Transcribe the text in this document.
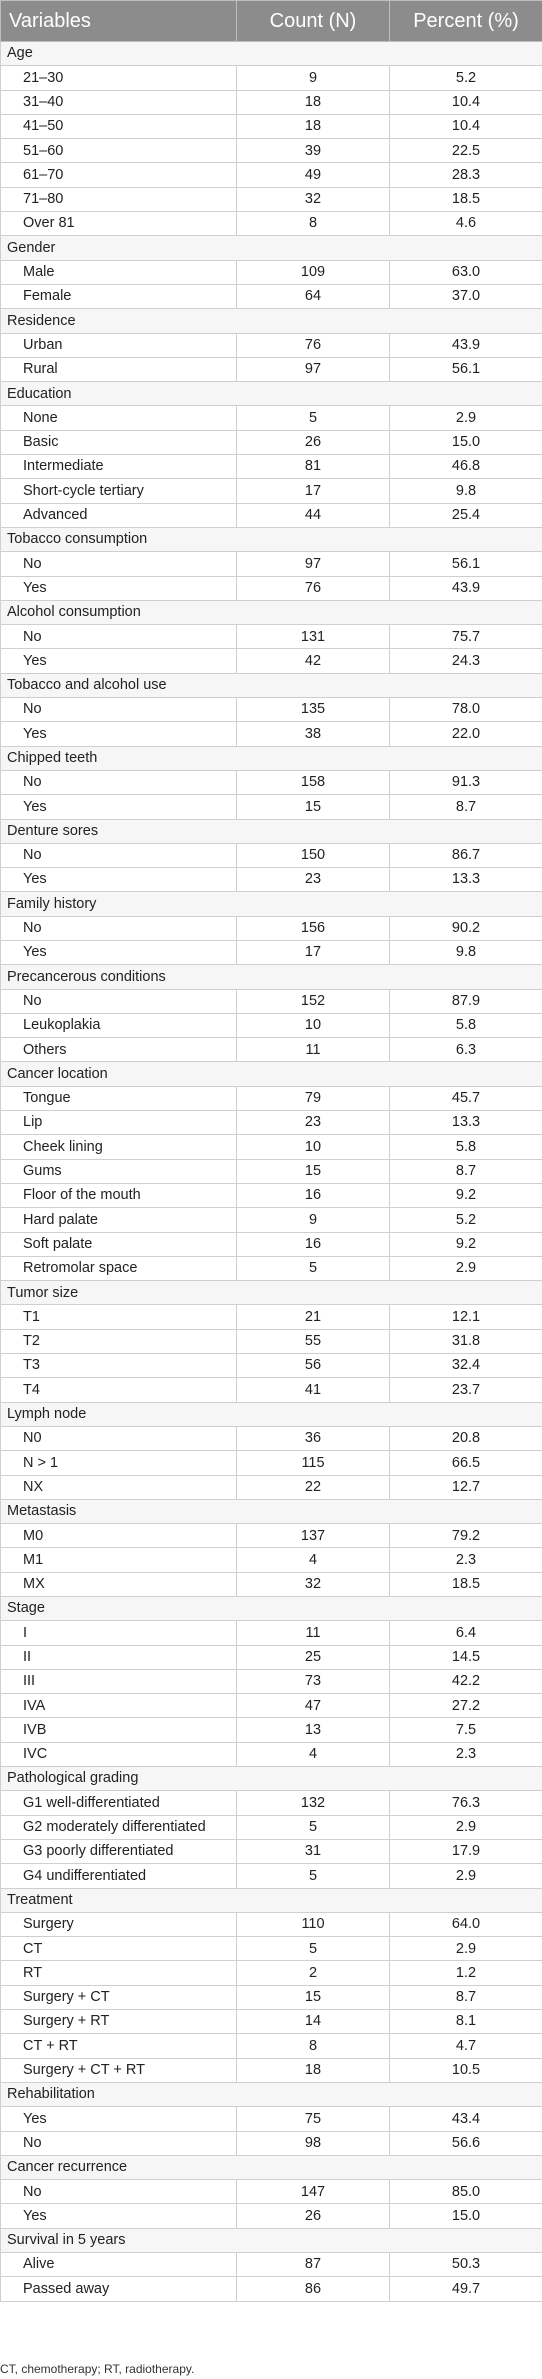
Variables	Count (N)	Percent (%)
Age		
21–30	9	5.2
31–40	18	10.4
41–50	18	10.4
51–60	39	22.5
61–70	49	28.3
71–80	32	18.5
Over 81	8	4.6
Gender		
Male	109	63.0
Female	64	37.0
Residence		
Urban	76	43.9
Rural	97	56.1
Education		
None	5	2.9
Basic	26	15.0
Intermediate	81	46.8
Short-cycle tertiary	17	9.8
Advanced	44	25.4
Tobacco consumption		
No	97	56.1
Yes	76	43.9
Alcohol consumption		
No	131	75.7
Yes	42	24.3
Tobacco and alcohol use		
No	135	78.0
Yes	38	22.0
Chipped teeth		
No	158	91.3
Yes	15	8.7
Denture sores		
No	150	86.7
Yes	23	13.3
Family history		
No	156	90.2
Yes	17	9.8
Precancerous conditions		
No	152	87.9
Leukoplakia	10	5.8
Others	11	6.3
Cancer location		
Tongue	79	45.7
Lip	23	13.3
Cheek lining	10	5.8
Gums	15	8.7
Floor of the mouth	16	9.2
Hard palate	9	5.2
Soft palate	16	9.2
Retromolar space	5	2.9
Tumor size		
T1	21	12.1
T2	55	31.8
T3	56	32.4
T4	41	23.7
Lymph node		
N0	36	20.8
N > 1	115	66.5
NX	22	12.7
Metastasis		
M0	137	79.2
M1	4	2.3
MX	32	18.5
Stage		
I	11	6.4
II	25	14.5
III	73	42.2
IVA	47	27.2
IVB	13	7.5
IVC	4	2.3
Pathological grading		
G1 well-differentiated	132	76.3
G2 moderately differentiated	5	2.9
G3 poorly differentiated	31	17.9
G4 undifferentiated	5	2.9
Treatment		
Surgery	110	64.0
CT	5	2.9
RT	2	1.2
Surgery + CT	15	8.7
Surgery + RT	14	8.1
CT + RT	8	4.7
Surgery + CT + RT	18	10.5
Rehabilitation		
Yes	75	43.4
No	98	56.6
Cancer recurrence		
No	147	85.0
Yes	26	15.0
Survival in 5 years		
Alive	87	50.3
Passed away	86	49.7
CT, chemotherapy; RT, radiotherapy.
